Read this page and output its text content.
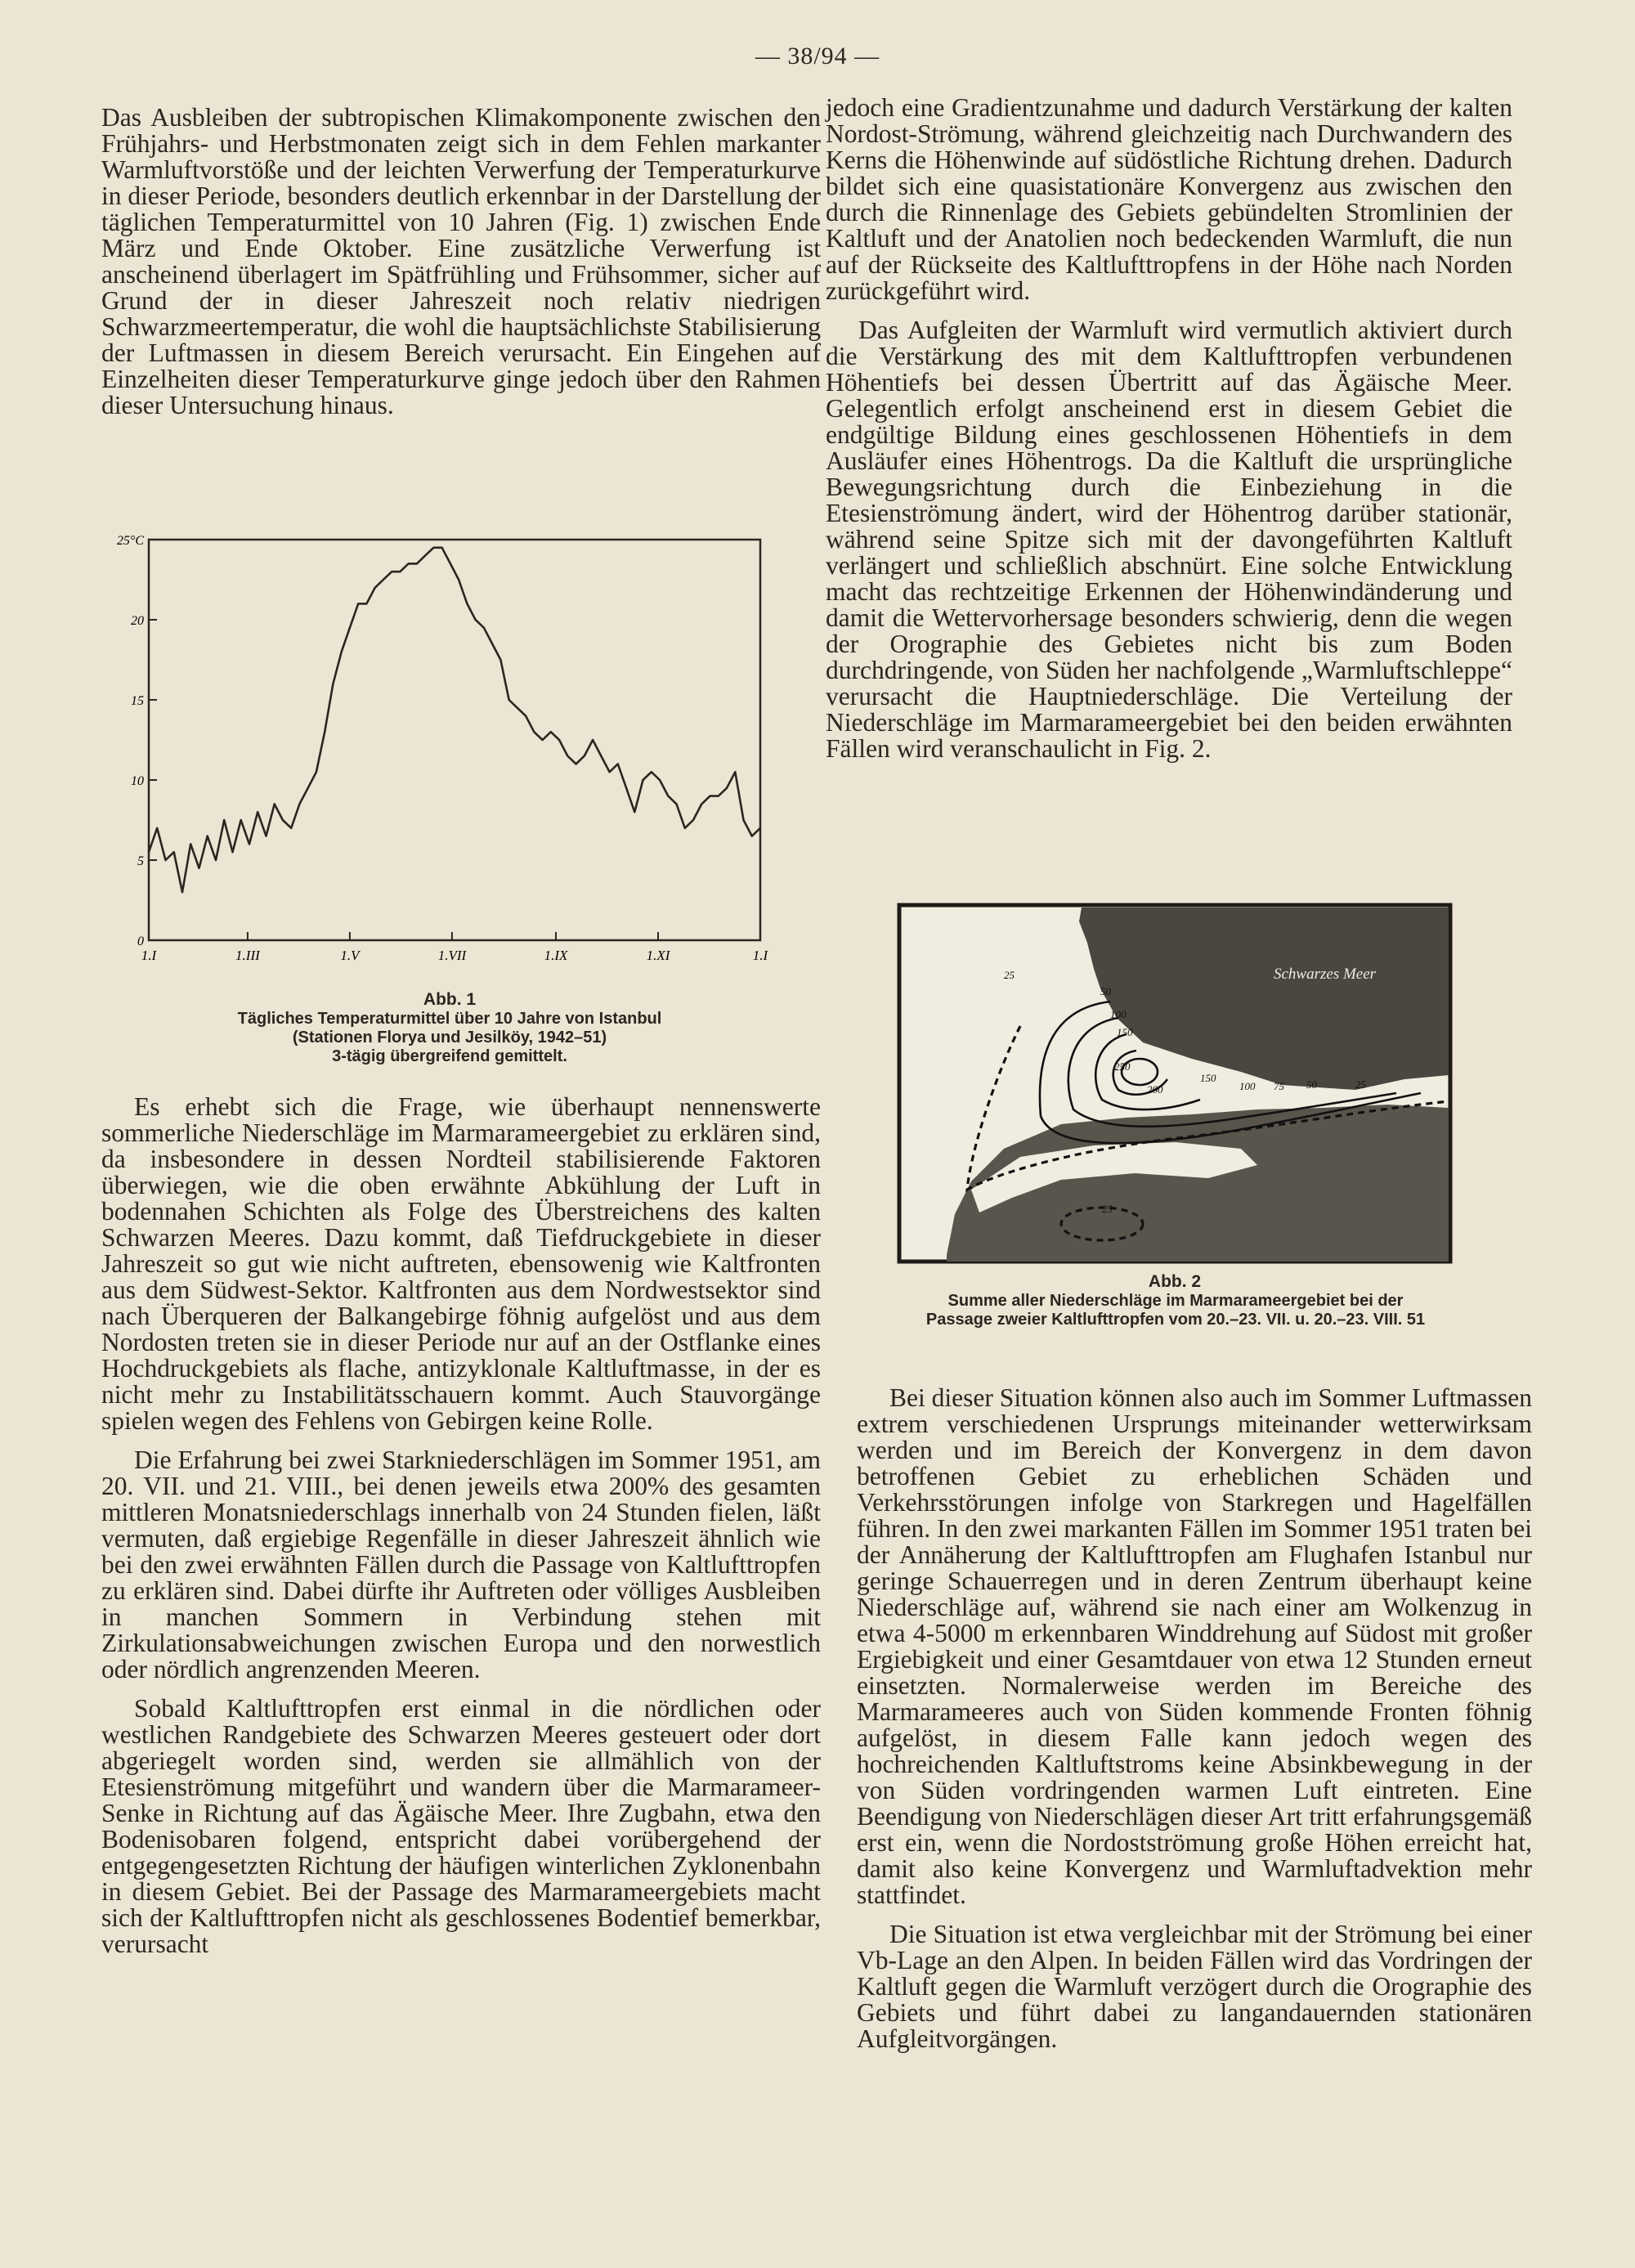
— 38/94 —

Das Ausbleiben der subtropischen Klimakomponente zwischen den Frühjahrs- und Herbstmonaten zeigt sich in dem Fehlen markanter Warmluftvorstöße und der leichten Verwerfung der Temperaturkurve in dieser Periode, besonders deutlich erkennbar in der Darstellung der täglichen Temperaturmittel von 10 Jahren (Fig. 1) zwischen Ende März und Ende Oktober. Eine zusätzliche Verwerfung ist anscheinend überlagert im Spätfrühling und Frühsommer, sicher auf Grund der in dieser Jahreszeit noch relativ niedrigen Schwarzmeertemperatur, die wohl die hauptsächlichste Stabilisierung der Luftmassen in diesem Bereich verursacht. Ein Eingehen auf Einzelheiten dieser Temperaturkurve ginge jedoch über den Rahmen dieser Untersuchung hinaus.

25°C
20
15
10
5
0
1.I	1.III	1.V	1.VII	1.IX	1.XI	1.I
Abb. 1
Tägliches Temperaturmittel über 10 Jahre von Istanbul
(Stationen Florya und Jesilköy, 1942–51)
3-tägig übergreifend gemittelt.

Es erhebt sich die Frage, wie überhaupt nennenswerte sommerliche Niederschläge im Marmarameergebiet zu erklären sind, da insbesondere in dessen Nordteil stabilisierende Faktoren überwiegen, wie die oben erwähnte Abkühlung der Luft in bodennahen Schichten als Folge des Überstreichens des kalten Schwarzen Meeres. Dazu kommt, daß Tiefdruckgebiete in dieser Jahreszeit so gut wie nicht auftreten, ebensowenig wie Kaltfronten aus dem Südwest-Sektor. Kaltfronten aus dem Nordwestsektor sind nach Überqueren der Balkangebirge föhnig aufgelöst und aus dem Nordosten treten sie in dieser Periode nur auf an der Ostflanke eines Hochdruckgebiets als flache, antizyklonale Kaltluftmasse, in der es nicht mehr zu Instabilitätsschauern kommt. Auch Stauvorgänge spielen wegen des Fehlens von Gebirgen keine Rolle.

Die Erfahrung bei zwei Starkniederschlägen im Sommer 1951, am 20. VII. und 21. VIII., bei denen jeweils etwa 200% des gesamten mittleren Monatsniederschlags innerhalb von 24 Stunden fielen, läßt vermuten, daß ergiebige Regenfälle in dieser Jahreszeit ähnlich wie bei den zwei erwähnten Fällen durch die Passage von Kaltlufttropfen zu erklären sind. Dabei dürfte ihr Auftreten oder völliges Ausbleiben in manchen Sommern in Verbindung stehen mit Zirkulationsabweichungen zwischen Europa und den norwestlich oder nördlich angrenzenden Meeren.

Sobald Kaltlufttropfen erst einmal in die nördlichen oder westlichen Randgebiete des Schwarzen Meeres gesteuert oder dort abgeriegelt worden sind, werden sie allmählich von der Etesienströmung mitgeführt und wandern über die Marmarameer-Senke in Richtung auf das Ägäische Meer. Ihre Zugbahn, etwa den Bodenisobaren folgend, entspricht dabei vorübergehend der entgegengesetzten Richtung der häufigen winterlichen Zyklonenbahn in diesem Gebiet. Bei der Passage des Marmarameergebiets macht sich der Kaltlufttropfen nicht als geschlossenes Bodentief bemerkbar, verursacht

jedoch eine Gradientzunahme und dadurch Verstärkung der kalten Nordost-Strömung, während gleichzeitig nach Durchwandern des Kerns die Höhenwinde auf südöstliche Richtung drehen. Dadurch bildet sich eine quasistationäre Konvergenz aus zwischen den durch die Rinnenlage des Gebiets gebündelten Stromlinien der Kaltluft und der Anatolien noch bedeckenden Warmluft, die nun auf der Rückseite des Kaltlufttropfens in der Höhe nach Norden zurückgeführt wird.

Das Aufgleiten der Warmluft wird vermutlich aktiviert durch die Verstärkung des mit dem Kaltlufttropfen verbundenen Höhentiefs bei dessen Übertritt auf das Ägäische Meer. Gelegentlich erfolgt anscheinend erst in diesem Gebiet die endgültige Bildung eines geschlossenen Höhentiefs in dem Ausläufer eines Höhentrogs. Da die Kaltluft die ursprüngliche Bewegungsrichtung durch die Einbeziehung in die Etesienströmung ändert, wird der Höhentrog darüber stationär, während seine Spitze sich mit der davongeführten Kaltluft verlängert und schließlich abschnürt. Eine solche Entwicklung macht das rechtzeitige Erkennen der Höhenwindänderung und damit die Wettervorhersage besonders schwierig, denn die wegen der Orographie des Gebietes nicht bis zum Boden durchdringende, von Süden her nachfolgende „Warmluftschleppe“ verursacht die Hauptniederschläge. Die Verteilung der Niederschläge im Marmarameergebiet bei den beiden erwähnten Fällen wird veranschaulicht in Fig. 2.

Schwarzes Meer
25
50
100
150
200
250
150
100 75 50	25
25
Abb. 2
Summe aller Niederschläge im Marmarameergebiet bei der
Passage zweier Kaltlufttropfen vom 20.–23. VII. u. 20.–23. VIII. 51

Bei dieser Situation können also auch im Sommer Luftmassen extrem verschiedenen Ursprungs miteinander wetterwirksam werden und im Bereich der Konvergenz in dem davon betroffenen Gebiet zu erheblichen Schäden und Verkehrsstörungen infolge von Starkregen und Hagelfällen führen. In den zwei markanten Fällen im Sommer 1951 traten bei der Annäherung der Kaltlufttropfen am Flughafen Istanbul nur geringe Schauerregen und in deren Zentrum überhaupt keine Niederschläge auf, während sie nach einer am Wolkenzug in etwa 4-5000 m erkennbaren Winddrehung auf Südost mit großer Ergiebigkeit und einer Gesamtdauer von etwa 12 Stunden erneut einsetzten. Normalerweise werden im Bereiche des Marmarameeres auch von Süden kommende Fronten föhnig aufgelöst, in diesem Falle kann jedoch wegen des hochreichenden Kaltluftstroms keine Absinkbewegung in der von Süden vordringenden warmen Luft eintreten. Eine Beendigung von Niederschlägen dieser Art tritt erfahrungsgemäß erst ein, wenn die Nordostströmung große Höhen erreicht hat, damit also keine Konvergenz und Warmluftadvektion mehr stattfindet.

Die Situation ist etwa vergleichbar mit der Strömung bei einer Vb-Lage an den Alpen. In beiden Fällen wird das Vordringen der Kaltluft gegen die Warmluft verzögert durch die Orographie des Gebiets und führt dabei zu langandauernden stationären Aufgleitvorgängen.
